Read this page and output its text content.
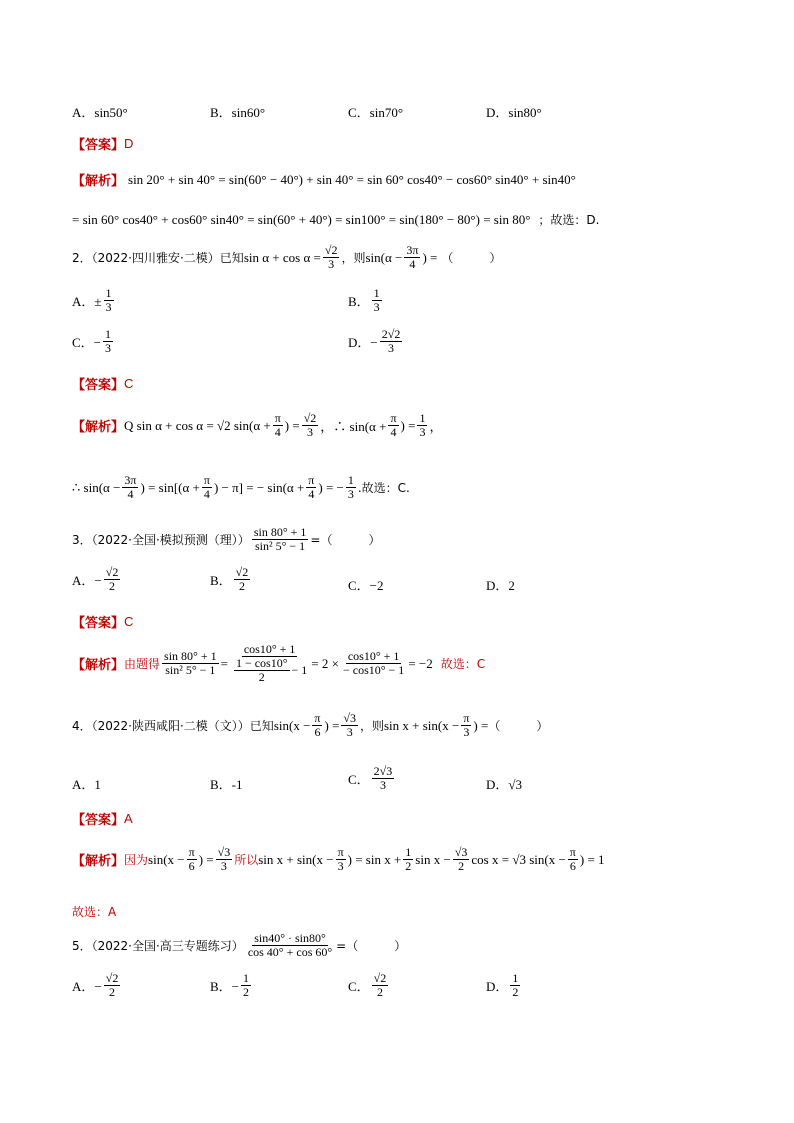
A．sin50°	B．sin60°	C．sin70°	D．sin80°
【答案】 D
【解析】 sin 20° + sin 40° = sin(60° − 40°) + sin 40° = sin 60° cos40° − cos60° sin40° + sin40°
= sin 60° cos40° + cos60° sin40° = sin(60° + 40°) = sin100° = sin(180° − 80°) = sin 80° ；故选：D.
2．（2022·四川雅安·二模）已知 $\sin \alpha + \cos \alpha = \frac{√2}{3}$ ，则 $\sin(\alpha - \frac{3\pi}{4}$ ) = （　　　）
A．± $\frac{1}{3}$	B． $\frac{1}{3}$
C．− $\frac{1}{3}$	D．− $\frac{2√2}{3}$
【答案】 C
【解析】 Q sin α + cos α = √2 $\sin(\alpha + \frac{\pi}{4}$ ) = $\frac{√2}{3}$ ，∴ $\sin(\alpha + \frac{\pi}{4}$ ) = $\frac{1}{3}$ ，
∴ $\sin(\alpha - \frac{3\pi}{4}$ ) = $\sin[(\alpha + \frac{\pi}{4}$ ) − π] = − $\sin(\alpha + \frac{\pi}{4}$ ) = − $\frac{1}{3}$ .故选：C.
3．（2022·全国·模拟预测（理）） $\frac{\sin 80^\circ + 1}{\text{sin² 5° − 1}}$ =（　　　）
A．− $\frac{√2}{2}$	B． $\frac{√2}{2}$	C．−2	D．2
【答案】 C
【解析】 由题得 $\frac{\sin 80^\circ + 1}{\text{sin² 5° − 1}} = \frac{\cos 10^\circ + 1}{\frac{1 - \cos 10^\circ}{2} - 1} = 2 \times \frac{\cos 10^\circ + 1}{- \cos 10^\circ - 1} = -2$ 故选：C
4．（2022·陕西咸阳·二模（文））已知 $\sin(x - \frac{\pi}{6}$ ) = $\frac{√3}{3}$ ，则 $\sin x + \sin(x - \frac{\pi}{3}$ ) = （　　　）
A．1	B．-1	C． $\frac{2√3}{3}$	D．√3
【答案】 A
【解析】 因为 $\sin(x - \frac{\pi}{6}$ ) = $\frac{√3}{3}$ 所以 $\sin x + \sin(x - \frac{\pi}{3}$ ) = $\sin x + \frac{1}{2}$ $\sin x - \frac{√3}{2}$ cos x = √3 $\sin(x - \frac{\pi}{6}$ ) = 1
故选：A
5．（2022·全国·高三专题练习） $\frac{\sin 40^\circ \cdot \sin 80^\circ}{\cos 40^\circ + \cos 60^\circ}$ =（　　　）
A．− $\frac{√2}{2}$	B．− $\frac{1}{2}$	C． $\frac{√2}{2}$	D． $\frac{1}{2}$
